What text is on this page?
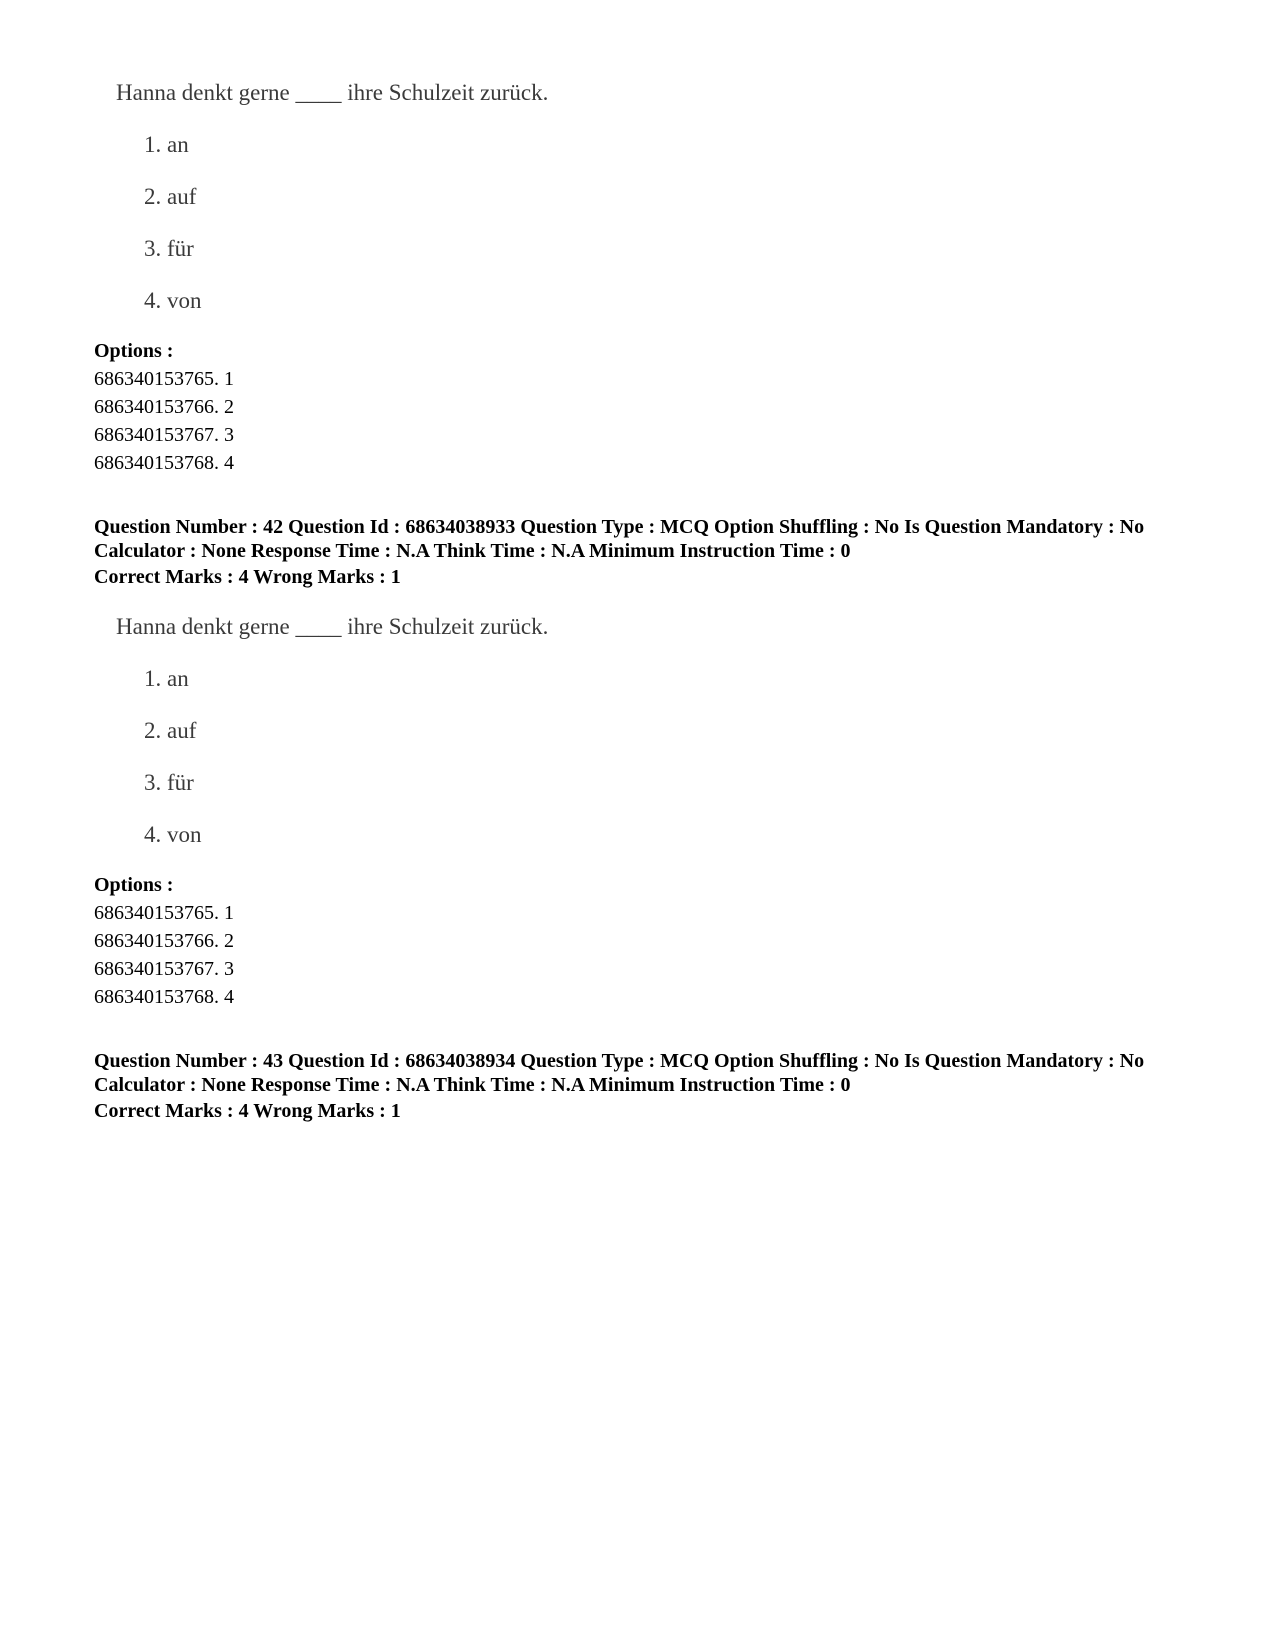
Hanna denkt gerne ____ ihre Schulzeit zurück.
1. an
2. auf
3. für
4. von
Options :
686340153765. 1
686340153766. 2
686340153767. 3
686340153768. 4
Question Number : 42 Question Id : 68634038933 Question Type : MCQ Option Shuffling : No Is Question Mandatory : No Calculator : None Response Time : N.A Think Time : N.A Minimum Instruction Time : 0
Correct Marks : 4 Wrong Marks : 1
Hanna denkt gerne ____ ihre Schulzeit zurück.
1. an
2. auf
3. für
4. von
Options :
686340153765. 1
686340153766. 2
686340153767. 3
686340153768. 4
Question Number : 43 Question Id : 68634038934 Question Type : MCQ Option Shuffling : No Is Question Mandatory : No Calculator : None Response Time : N.A Think Time : N.A Minimum Instruction Time : 0
Correct Marks : 4 Wrong Marks : 1
